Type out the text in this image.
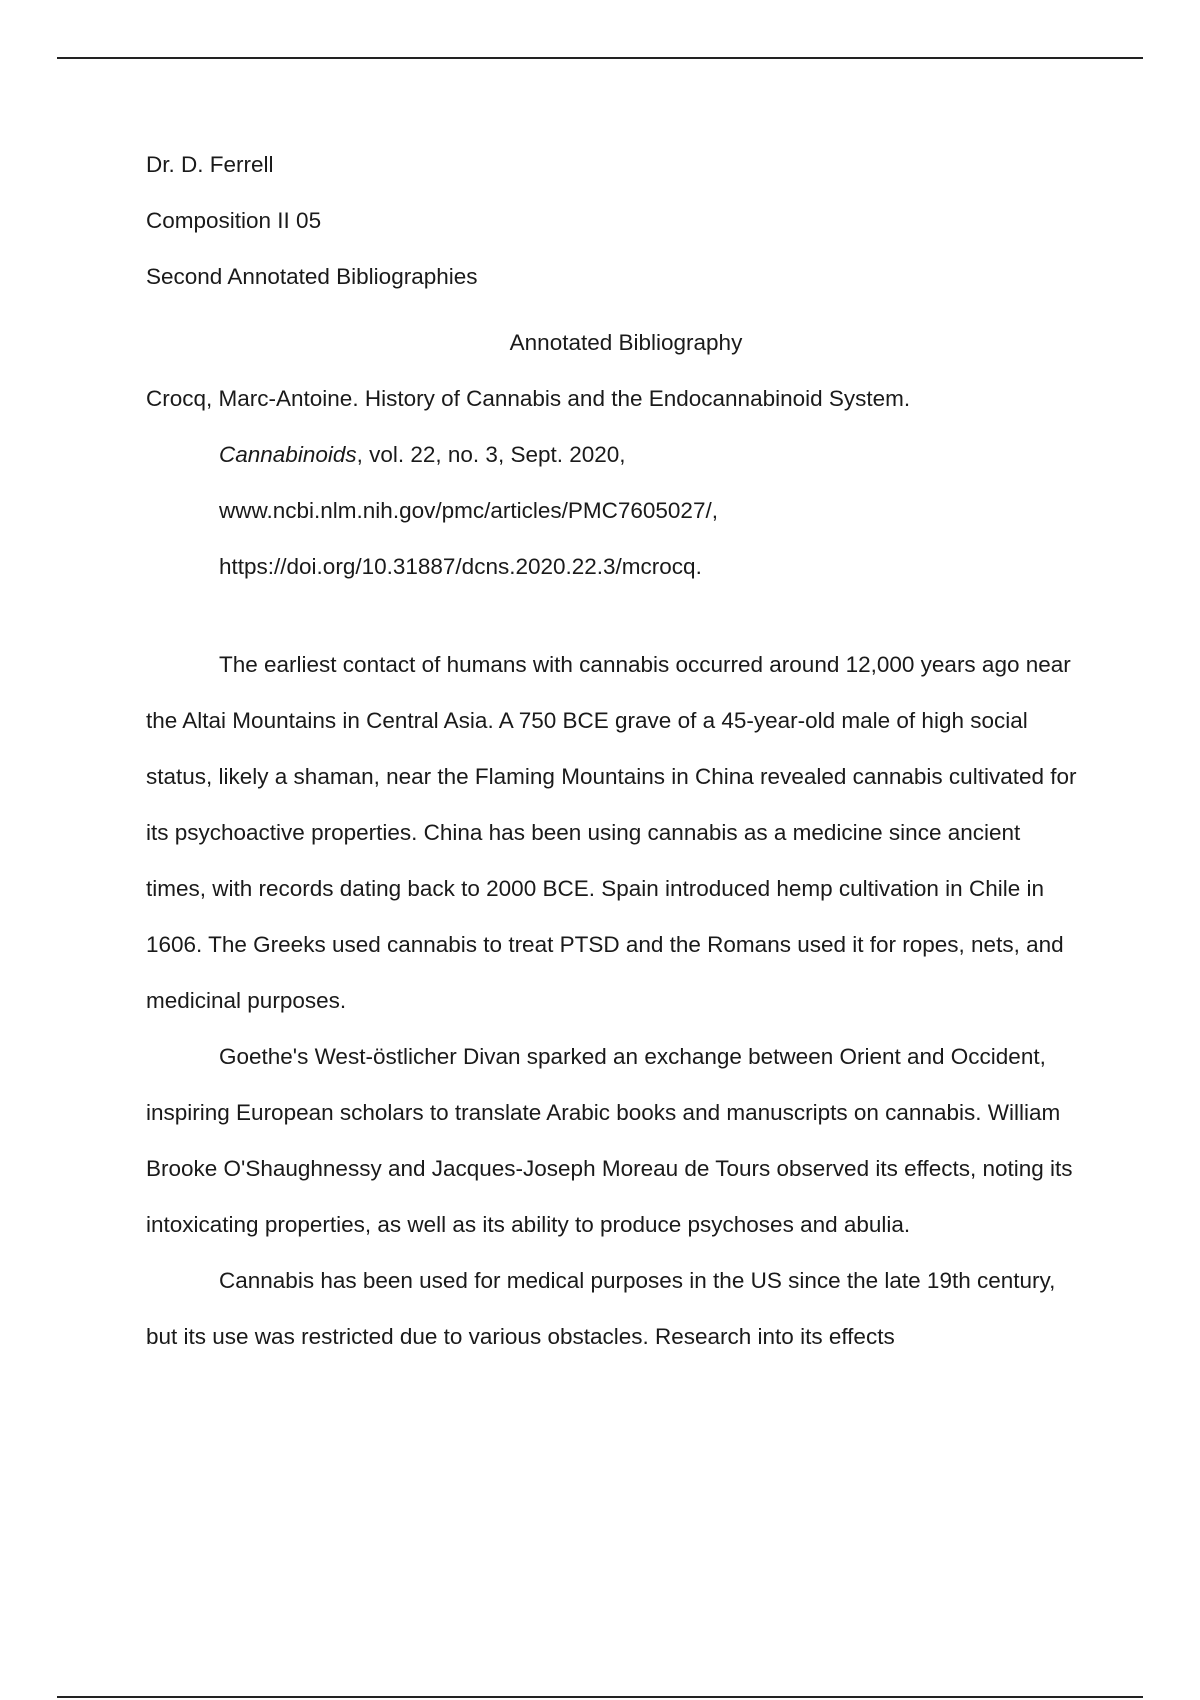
Dr. D. Ferrell

Composition II 05

Second Annotated Bibliographies

Annotated Bibliography

Crocq, Marc-Antoine. History of Cannabis and the Endocannabinoid System.
Cannabinoids, vol. 22, no. 3, Sept. 2020,
www.ncbi.nlm.nih.gov/pmc/articles/PMC7605027/,
https://doi.org/10.31887/dcns.2020.22.3/mcrocq.

The earliest contact of humans with cannabis occurred around 12,000 years ago near the Altai Mountains in Central Asia. A 750 BCE grave of a 45-year-old male of high social status, likely a shaman, near the Flaming Mountains in China revealed cannabis cultivated for its psychoactive properties. China has been using cannabis as a medicine since ancient times, with records dating back to 2000 BCE. Spain introduced hemp cultivation in Chile in 1606. The Greeks used cannabis to treat PTSD and the Romans used it for ropes, nets, and medicinal purposes.

Goethe's West-östlicher Divan sparked an exchange between Orient and Occident, inspiring European scholars to translate Arabic books and manuscripts on cannabis. William Brooke O'Shaughnessy and Jacques-Joseph Moreau de Tours observed its effects, noting its intoxicating properties, as well as its ability to produce psychoses and abulia.

Cannabis has been used for medical purposes in the US since the late 19th century, but its use was restricted due to various obstacles. Research into its effects
